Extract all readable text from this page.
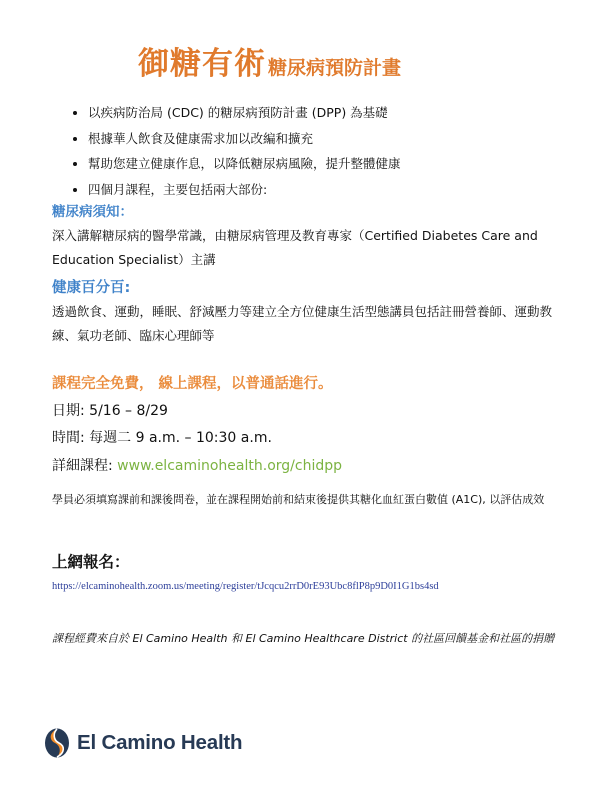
御糖有術 糖尿病預防計畫
• 以疾病防治局 (CDC) 的糖尿病預防計畫 (DPP) 為基礎
• 根據華人飲食及健康需求加以改編和擴充
• 幫助您建立健康作息，以降低糖尿病風險，提升整體健康
• 四個月課程，主要包括兩大部份:
糖尿病須知：
深入講解糖尿病的醫學常識，由糖尿病管理及教育專家（Certified Diabetes Care and Education Specialist）主講
健康百分百:
透過飲食、運動，睡眠、舒減壓力等建立全方位健康生活型態講員包括註冊營養師、運動教練、氣功老師、臨床心理師等
課程完全免費， 線上課程，以普通話進行。
日期: 5/16 – 8/29
時間: 每週二 9 a.m. – 10:30 a.m.
詳細課程: www.elcaminohealth.org/chidpp
學員必須填寫課前和課後問卷，並在課程開始前和結束後提供其糖化血紅蛋白數值 (A1C), 以評估成效
上網報名：
https://elcaminohealth.zoom.us/meeting/register/tJcqcu2rrD0rE93Ubc8flP8p9D0I1G1bs4sd
課程經費來自於 El Camino Health 和 El Camino Healthcare District 的社區回饋基金和社區的捐贈
El Camino Health
